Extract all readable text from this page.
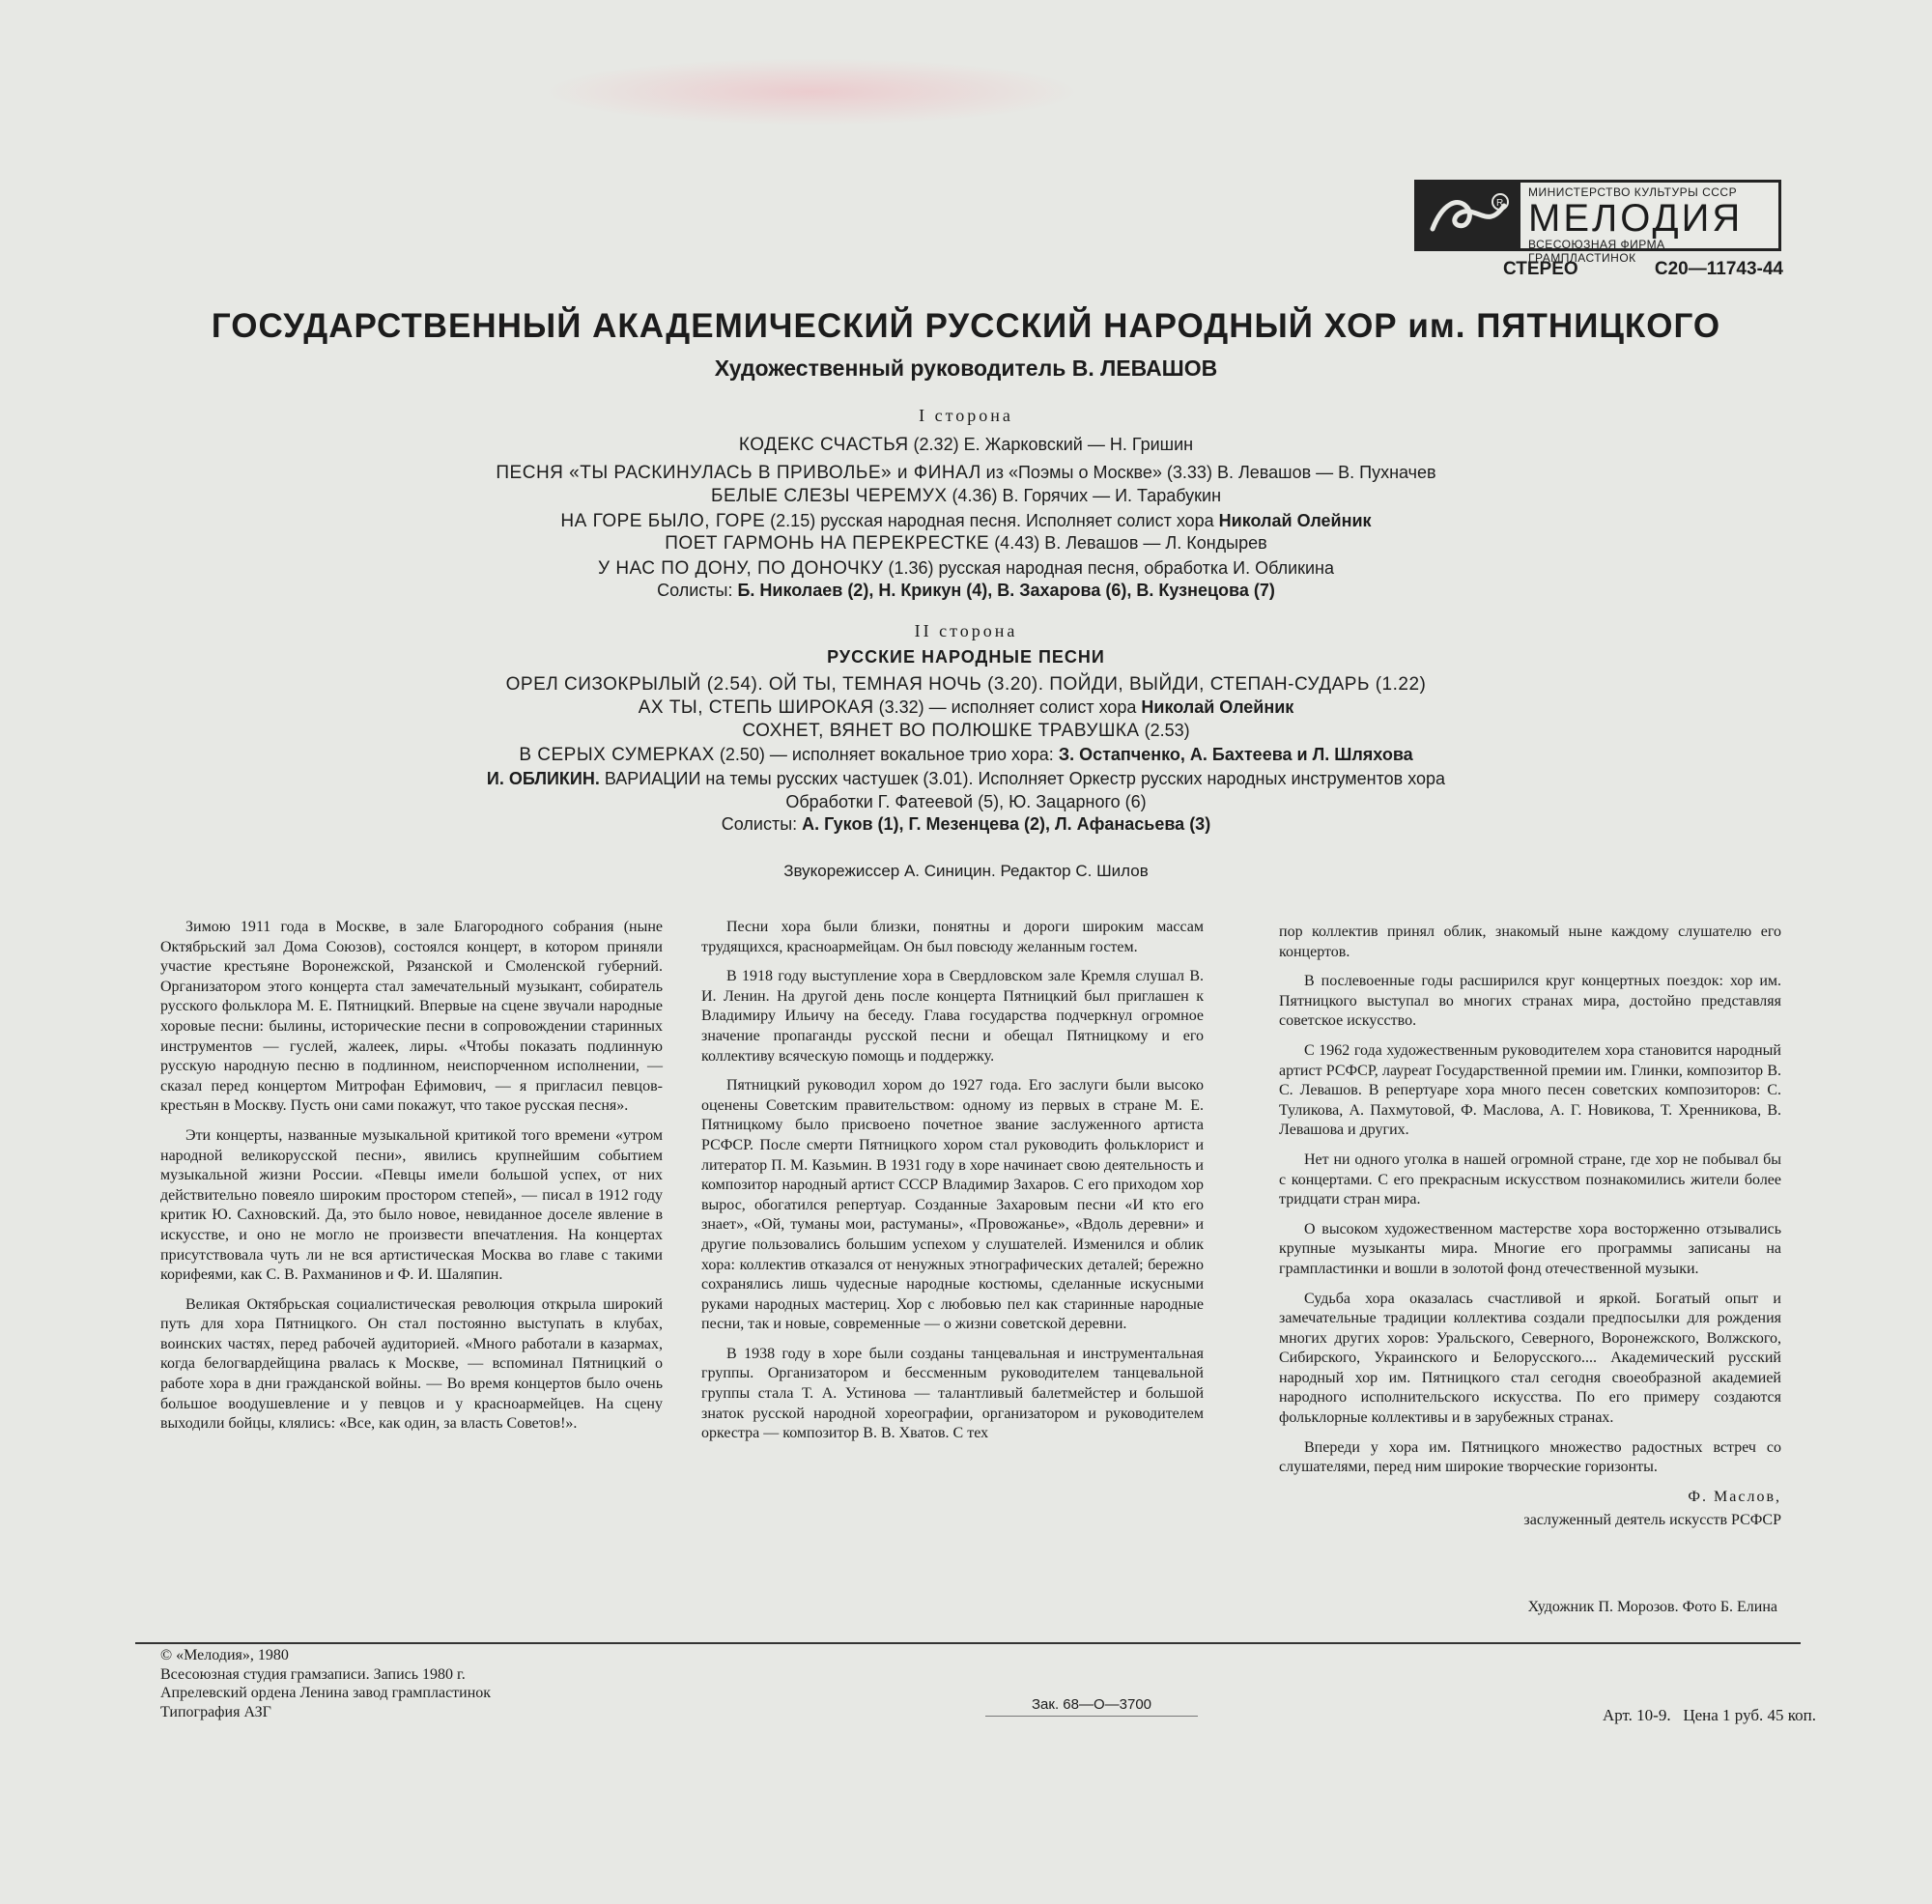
R
МИНИСТЕРСТВО КУЛЬТУРЫ СССР
МЕЛОДИЯ
ВСЕСОЮЗНАЯ ФИРМА ГРАМПЛАСТИНОК
СТЕРЕО	С20—11743-44
ГОСУДАРСТВЕННЫЙ АКАДЕМИЧЕСКИЙ РУССКИЙ НАРОДНЫЙ ХОР им. ПЯТНИЦКОГО
Художественный руководитель В. ЛЕВАШОВ
I сторона
КОДЕКС СЧАСТЬЯ (2.32) Е. Жарковский — Н. Гришин
ПЕСНЯ «ТЫ РАСКИНУЛАСЬ В ПРИВОЛЬЕ» и ФИНАЛ из «Поэмы о Москве» (3.33) В. Левашов — В. Пухначев
БЕЛЫЕ СЛЕЗЫ ЧЕРЕМУХ (4.36) В. Горячих — И. Тарабукин
НА ГОРЕ БЫЛО, ГОРЕ (2.15) русская народная песня. Исполняет солист хора Николай Олейник
ПОЕТ ГАРМОНЬ НА ПЕРЕКРЕСТКЕ (4.43) В. Левашов — Л. Кондырев
У НАС ПО ДОНУ, ПО ДОНОЧКУ (1.36) русская народная песня, обработка И. Обликина
Солисты: Б. Николаев (2), Н. Крикун (4), В. Захарова (6), В. Кузнецова (7)
II сторона
РУССКИЕ НАРОДНЫЕ ПЕСНИ
ОРЕЛ СИЗОКРЫЛЫЙ (2.54). ОЙ ТЫ, ТЕМНАЯ НОЧЬ (3.20). ПОЙДИ, ВЫЙДИ, СТЕПАН-СУДАРЬ (1.22)
АХ ТЫ, СТЕПЬ ШИРОКАЯ (3.32) — исполняет солист хора Николай Олейник
СОХНЕТ, ВЯНЕТ ВО ПОЛЮШКЕ ТРАВУШКА (2.53)
В СЕРЫХ СУМЕРКАХ (2.50) — исполняет вокальное трио хора: З. Остапченко, А. Бахтеева и Л. Шляхова
И. ОБЛИКИН. ВАРИАЦИИ на темы русских частушек (3.01). Исполняет Оркестр русских народных инструментов хора
Обработки Г. Фатеевой (5), Ю. Зацарного (6)
Солисты: А. Гуков (1), Г. Мезенцева (2), Л. Афанасьева (3)
Звукорежиссер А. Синицин. Редактор С. Шилов

Зимою 1911 года в Москве, в зале Благородного собрания (ныне Октябрьский зал Дома Союзов), состоялся концерт, в котором приняли участие крестьяне Воронежской, Рязанской и Смоленской губерний. Организатором этого концерта стал замечательный музыкант, собиратель русского фольклора М. Е. Пятницкий. Впервые на сцене звучали народные хоровые песни: былины, исторические песни в сопровождении старинных инструментов — гуслей, жалеек, лиры. «Чтобы показать подлинную русскую народную песню в подлинном, неиспорченном исполнении, — сказал перед концертом Митрофан Ефимович, — я пригласил певцов-крестьян в Москву. Пусть они сами покажут, что такое русская песня».

Эти концерты, названные музыкальной критикой того времени «утром народной великорусской песни», явились крупнейшим событием музыкальной жизни России. «Певцы имели большой успех, от них действительно повеяло широким простором степей», — писал в 1912 году критик Ю. Сахновский. Да, это было новое, невиданное доселе явление в искусстве, и оно не могло не произвести впечатления. На концертах присутствовала чуть ли не вся артистическая Москва во главе с такими корифеями, как С. В. Рахманинов и Ф. И. Шаляпин.

Великая Октябрьская социалистическая революция открыла широкий путь для хора Пятницкого. Он стал постоянно выступать в клубах, воинских частях, перед рабочей аудиторией. «Много работали в казармах, когда белогвардейщина рвалась к Москве, — вспоминал Пятницкий о работе хора в дни гражданской войны. — Во время концертов было очень большое воодушевление и у певцов и у красноармейцев. На сцену выходили бойцы, клялись: «Все, как один, за власть Советов!».

Песни хора были близки, понятны и дороги широким массам трудящихся, красноармейцам. Он был повсюду желанным гостем.

В 1918 году выступление хора в Свердловском зале Кремля слушал В. И. Ленин. На другой день после концерта Пятницкий был приглашен к Владимиру Ильичу на беседу. Глава государства подчеркнул огромное значение пропаганды русской песни и обещал Пятницкому и его коллективу всяческую помощь и поддержку.

Пятницкий руководил хором до 1927 года. Его заслуги были высоко оценены Советским правительством: одному из первых в стране М. Е. Пятницкому было присвоено почетное звание заслуженного артиста РСФСР. После смерти Пятницкого хором стал руководить фольклорист и литератор П. М. Казьмин. В 1931 году в хоре начинает свою деятельность и композитор народный артист СССР Владимир Захаров. С его приходом хор вырос, обогатился репертуар. Созданные Захаровым песни «И кто его знает», «Ой, туманы мои, растуманы», «Провожанье», «Вдоль деревни» и другие пользовались большим успехом у слушателей. Изменился и облик хора: коллектив отказался от ненужных этнографических деталей; бережно сохранялись лишь чудесные народные костюмы, сделанные искусными руками народных мастериц. Хор с любовью пел как старинные народные песни, так и новые, современные — о жизни советской деревни.

В 1938 году в хоре были созданы танцевальная и инструментальная группы. Организатором и бессменным руководителем танцевальной группы стала Т. А. Устинова — талантливый балетмейстер и большой знаток русской народной хореографии, организатором и руководителем оркестра — композитор В. В. Хватов. С тех

пор коллектив принял облик, знакомый ныне каждому слушателю его концертов.

В послевоенные годы расширился круг концертных поездок: хор им. Пятницкого выступал во многих странах мира, достойно представляя советское искусство.

С 1962 года художественным руководителем хора становится народный артист РСФСР, лауреат Государственной премии им. Глинки, композитор В. С. Левашов. В репертуаре хора много песен советских композиторов: С. Туликова, А. Пахмутовой, Ф. Маслова, А. Г. Новикова, Т. Хренникова, В. Левашова и других.

Нет ни одного уголка в нашей огромной стране, где хор не побывал бы с концертами. С его прекрасным искусством познакомились жители более тридцати стран мира.

О высоком художественном мастерстве хора восторженно отзывались крупные музыканты мира. Многие его программы записаны на грампластинки и вошли в золотой фонд отечественной музыки.

Судьба хора оказалась счастливой и яркой. Богатый опыт и замечательные традиции коллектива создали предпосылки для рождения многих других хоров: Уральского, Северного, Воронежского, Волжского, Сибирского, Украинского и Белорусского.... Академический русский народный хор им. Пятницкого стал сегодня своеобразной академией народного исполнительского искусства. По его примеру создаются фольклорные коллективы и в зарубежных странах.

Впереди у хора им. Пятницкого множество радостных встреч со слушателями, перед ним широкие творческие горизонты.

Ф. Маслов,
заслуженный деятель искусств РСФСР
Художник П. Морозов. Фото Б. Елина
© «Мелодия», 1980
Всесоюзная студия грамзаписи. Запись 1980 г.
Апрелевский ордена Ленина завод грампластинок
Типография АЗГ	Зак. 68—О—3700
Арт. 10-9. Цена 1 руб. 45 коп.
